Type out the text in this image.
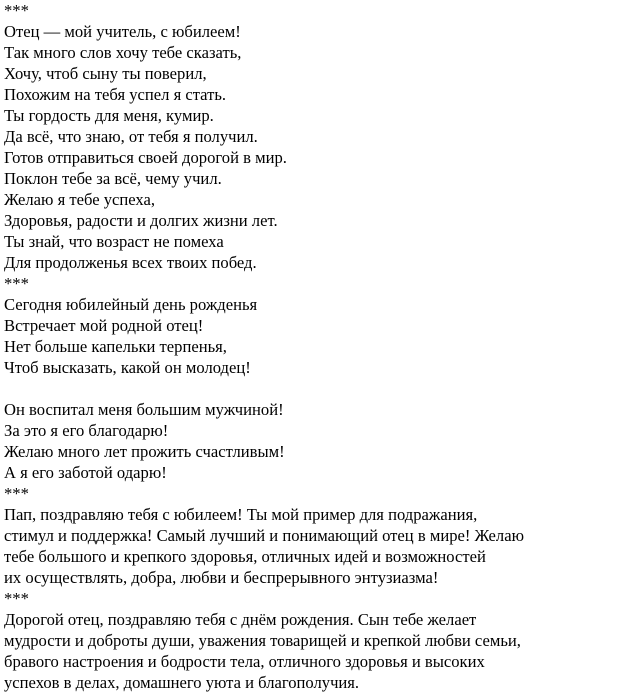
***
Отец — мой учитель, с юбилеем!
Так много слов хочу тебе сказать,
Хочу, чтоб сыну ты поверил,
Похожим на тебя успел я стать.
Ты гордость для меня, кумир.
Да всё, что знаю, от тебя я получил.
Готов отправиться своей дорогой в мир.
Поклон тебе за всё, чему учил.
Желаю я тебе успеха,
Здоровья, радости и долгих жизни лет.
Ты знай, что возраст не помеха
Для продолженья всех твоих побед.
***
Сегодня юбилейный день рожденья
Встречает мой родной отец!
Нет больше капельки терпенья,
Чтоб высказать, какой он молодец!
Он воспитал меня большим мужчиной!
За это я его благодарю!
Желаю много лет прожить счастливым!
А я его заботой одарю!
***
Пап, поздравляю тебя с юбилеем! Ты мой пример для подражания,
стимул и поддержка! Самый лучший и понимающий отец в мире! Желаю
тебе большого и крепкого здоровья, отличных идей и возможностей
их осуществлять, добра, любви и беспрерывного энтузиазма!
***
Дорогой отец, поздравляю тебя с днём рождения. Сын тебе желает
мудрости и доброты души, уважения товарищей и крепкой любви семьи,
бравого настроения и бодрости тела, отличного здоровья и высоких
успехов в делах, домашнего уюта и благополучия.
